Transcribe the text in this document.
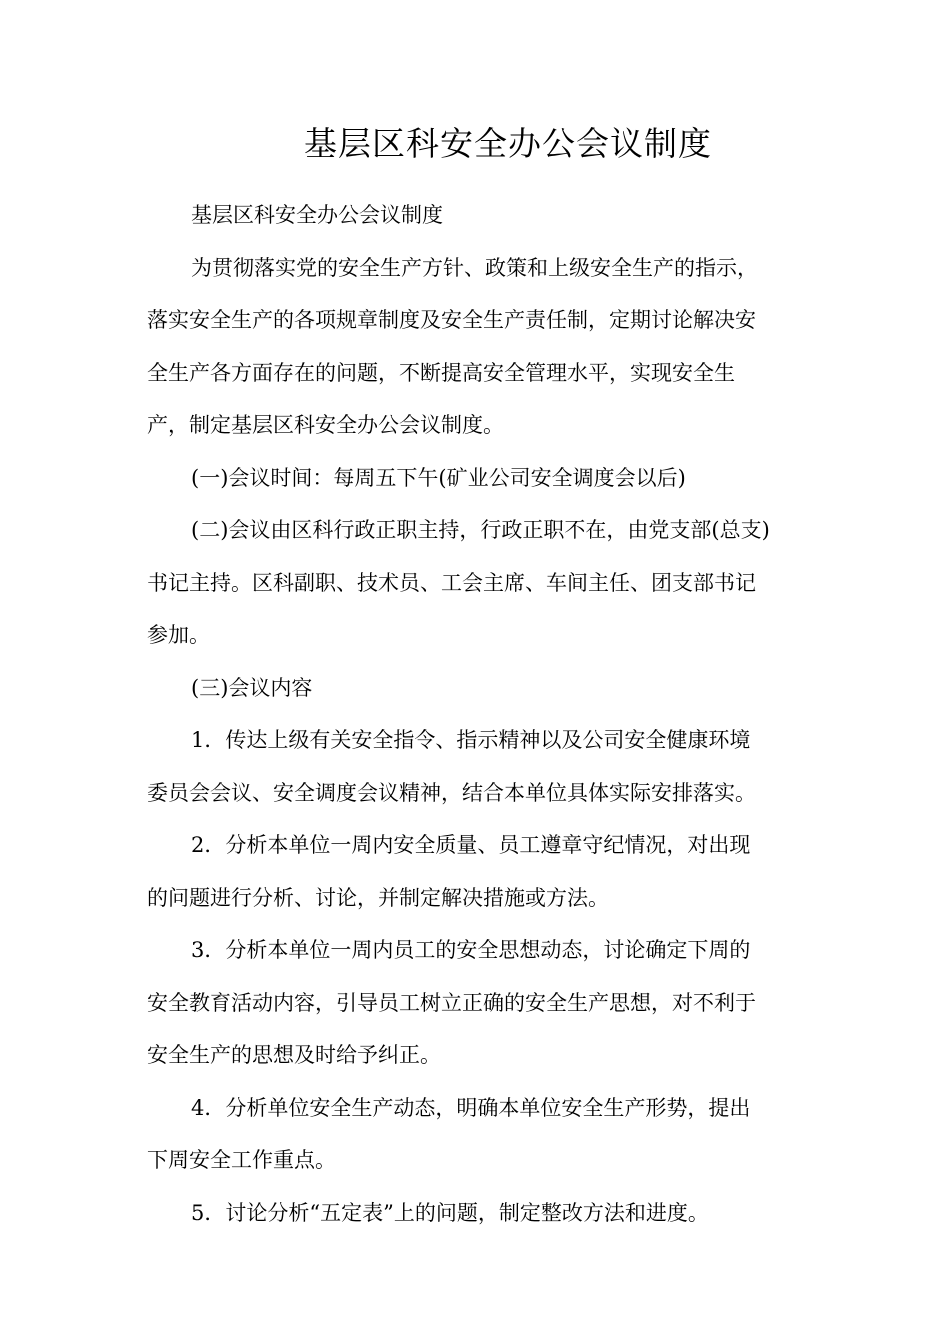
基层区科安全办公会议制度
基层区科安全办公会议制度
为贯彻落实党的安全生产方针、政策和上级安全生产的指示，
落实安全生产的各项规章制度及安全生产责任制，定期讨论解决安
全生产各方面存在的问题，不断提高安全管理水平，实现安全生
产，制定基层区科安全办公会议制度。
(一)会议时间：每周五下午(矿业公司安全调度会以后)
(二)会议由区科行政正职主持，行政正职不在，由党支部(总支)
书记主持。区科副职、技术员、工会主席、车间主任、团支部书记
参加。
(三)会议内容
1．传达上级有关安全指令、指示精神以及公司安全健康环境
委员会会议、安全调度会议精神，结合本单位具体实际安排落实。
2．分析本单位一周内安全质量、员工遵章守纪情况，对出现
的问题进行分析、讨论，并制定解决措施或方法。
3．分析本单位一周内员工的安全思想动态，讨论确定下周的
安全教育活动内容，引导员工树立正确的安全生产思想，对不利于
安全生产的思想及时给予纠正。
4．分析单位安全生产动态，明确本单位安全生产形势，提出
下周安全工作重点。
5．讨论分析“五定表”上的问题，制定整改方法和进度。
